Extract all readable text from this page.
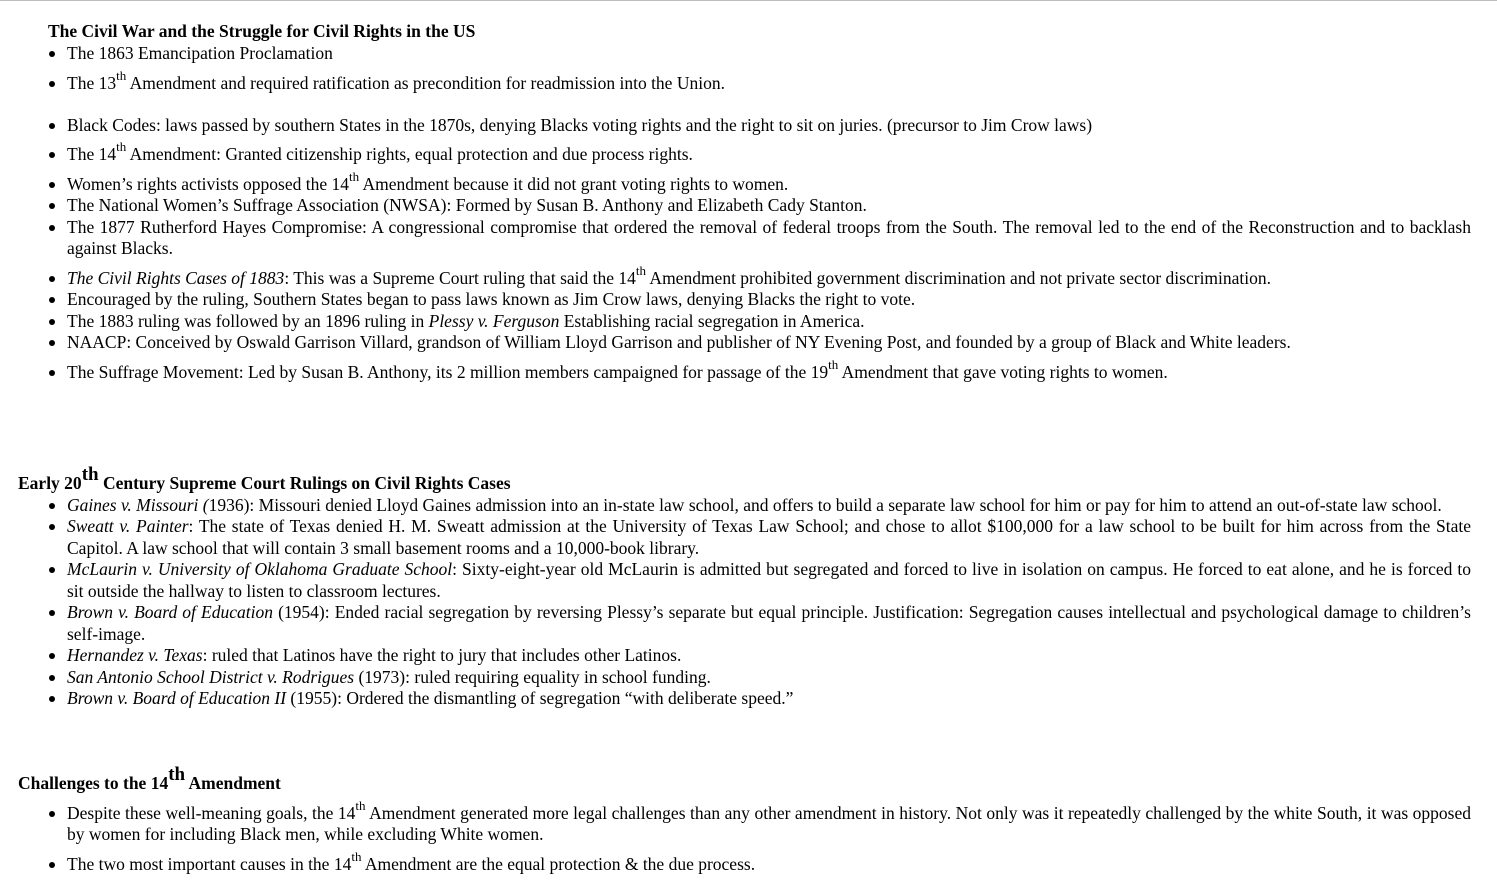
The Civil War and the Struggle for Civil Rights in the US
The 1863 Emancipation Proclamation
The 13th Amendment and required ratification as precondition for readmission into the Union.
Black Codes: laws passed by southern States in the 1870s, denying Blacks voting rights and the right to sit on juries. (precursor to Jim Crow laws)
The 14th Amendment: Granted citizenship rights, equal protection and due process rights.
Women’s rights activists opposed the 14th Amendment because it did not grant voting rights to women.
The National Women’s Suffrage Association (NWSA): Formed by Susan B. Anthony and Elizabeth Cady Stanton.
The 1877 Rutherford Hayes Compromise: A congressional compromise that ordered the removal of federal troops from the South. The removal led to the end of the Reconstruction and to backlash against Blacks.
The Civil Rights Cases of 1883: This was a Supreme Court ruling that said the 14th Amendment prohibited government discrimination and not private sector discrimination.
Encouraged by the ruling, Southern States began to pass laws known as Jim Crow laws, denying Blacks the right to vote.
The 1883 ruling was followed by an 1896 ruling in Plessy v. Ferguson Establishing racial segregation in America.
NAACP: Conceived by Oswald Garrison Villard, grandson of William Lloyd Garrison and publisher of NY Evening Post, and founded by a group of Black and White leaders.
The Suffrage Movement: Led by Susan B. Anthony, its 2 million members campaigned for passage of the 19th Amendment that gave voting rights to women.
Early 20th Century Supreme Court Rulings on Civil Rights Cases
Gaines v. Missouri (1936): Missouri denied Lloyd Gaines admission into an in-state law school, and offers to build a separate law school for him or pay for him to attend an out-of-state law school.
Sweatt v. Painter: The state of Texas denied H. M. Sweatt admission at the University of Texas Law School; and chose to allot $100,000 for a law school to be built for him across from the State Capitol. A law school that will contain 3 small basement rooms and a 10,000-book library.
McLaurin v. University of Oklahoma Graduate School: Sixty-eight-year old McLaurin is admitted but segregated and forced to live in isolation on campus. He forced to eat alone, and he is forced to sit outside the hallway to listen to classroom lectures.
Brown v. Board of Education (1954): Ended racial segregation by reversing Plessy’s separate but equal principle. Justification: Segregation causes intellectual and psychological damage to children’s self-image.
Hernandez v. Texas: ruled that Latinos have the right to jury that includes other Latinos.
San Antonio School District v. Rodrigues (1973): ruled requiring equality in school funding.
Brown v. Board of Education II (1955): Ordered the dismantling of segregation “with deliberate speed.”
Challenges to the 14th Amendment
Despite these well-meaning goals, the 14th Amendment generated more legal challenges than any other amendment in history. Not only was it repeatedly challenged by the white South, it was opposed by women for including Black men, while excluding White women.
The two most important causes in the 14th Amendment are the equal protection & the due process.
